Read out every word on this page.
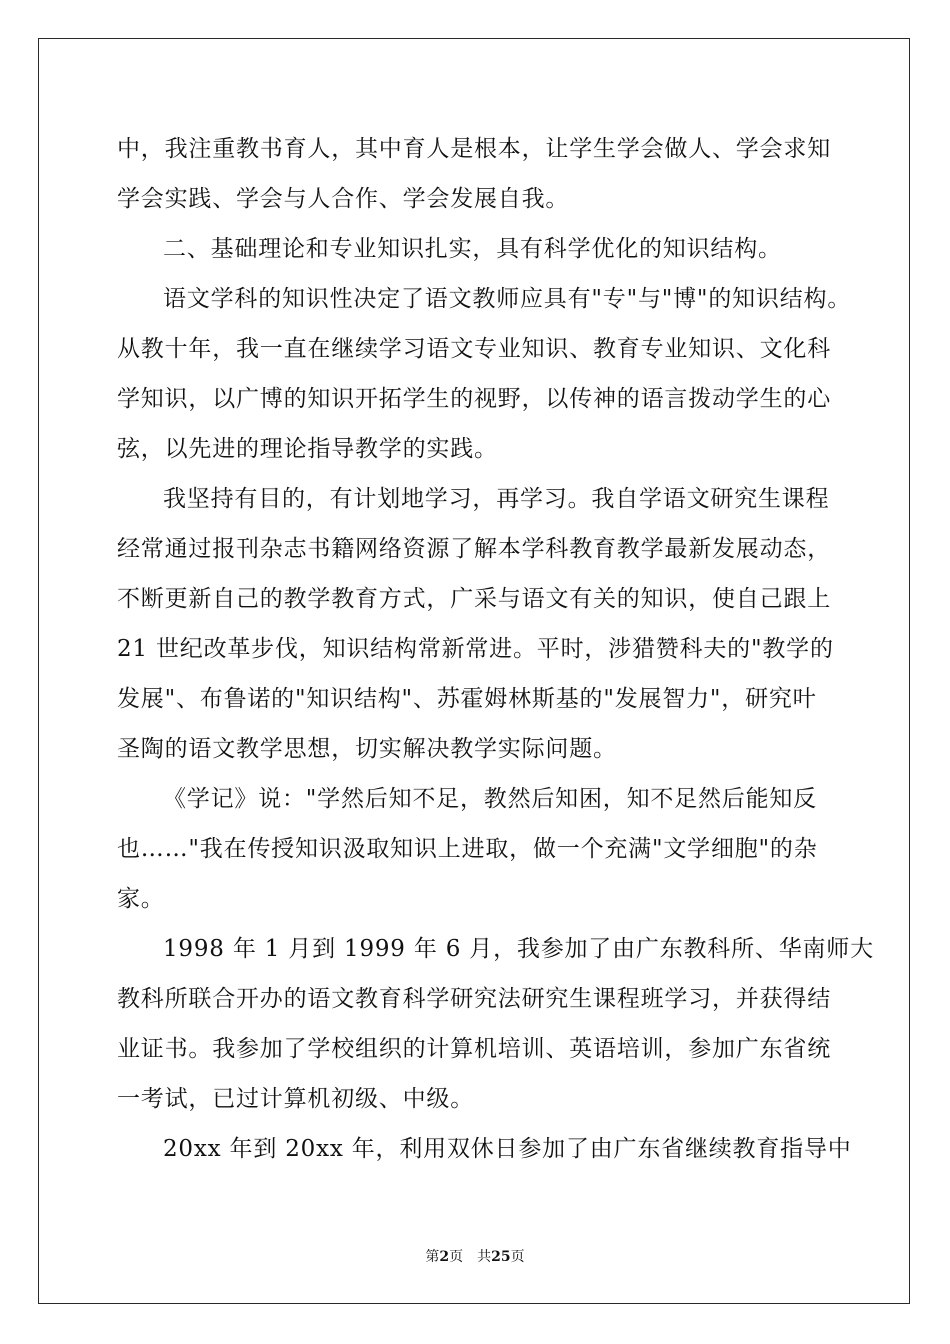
中，我注重教书育人，其中育人是根本，让学生学会做人、学会求知
学会实践、学会与人合作、学会发展自我。
二、基础理论和专业知识扎实，具有科学优化的知识结构。
语文学科的知识性决定了语文教师应具有"专"与"博"的知识结构。
从教十年，我一直在继续学习语文专业知识、教育专业知识、文化科
学知识，以广博的知识开拓学生的视野，以传神的语言拨动学生的心
弦，以先进的理论指导教学的实践。
我坚持有目的，有计划地学习，再学习。我自学语文研究生课程
经常通过报刊杂志书籍网络资源了解本学科教育教学最新发展动态，
不断更新自己的教学教育方式，广采与语文有关的知识，使自己跟上
21 世纪改革步伐，知识结构常新常进。平时，涉猎赞科夫的"教学的
发展"、布鲁诺的"知识结构"、苏霍姆林斯基的"发展智力"，研究叶
圣陶的语文教学思想，切实解决教学实际问题。
《学记》说："学然后知不足，教然后知困，知不足然后能知反
也……"我在传授知识汲取知识上进取，做一个充满"文学细胞"的杂
家。
1998 年 1 月到 1999 年 6 月，我参加了由广东教科所、华南师大
教科所联合开办的语文教育科学研究法研究生课程班学习，并获得结
业证书。我参加了学校组织的计算机培训、英语培训，参加广东省统
一考试，已过计算机初级、中级。
20xx 年到 20xx 年，利用双休日参加了由广东省继续教育指导中
第2页 共25页
